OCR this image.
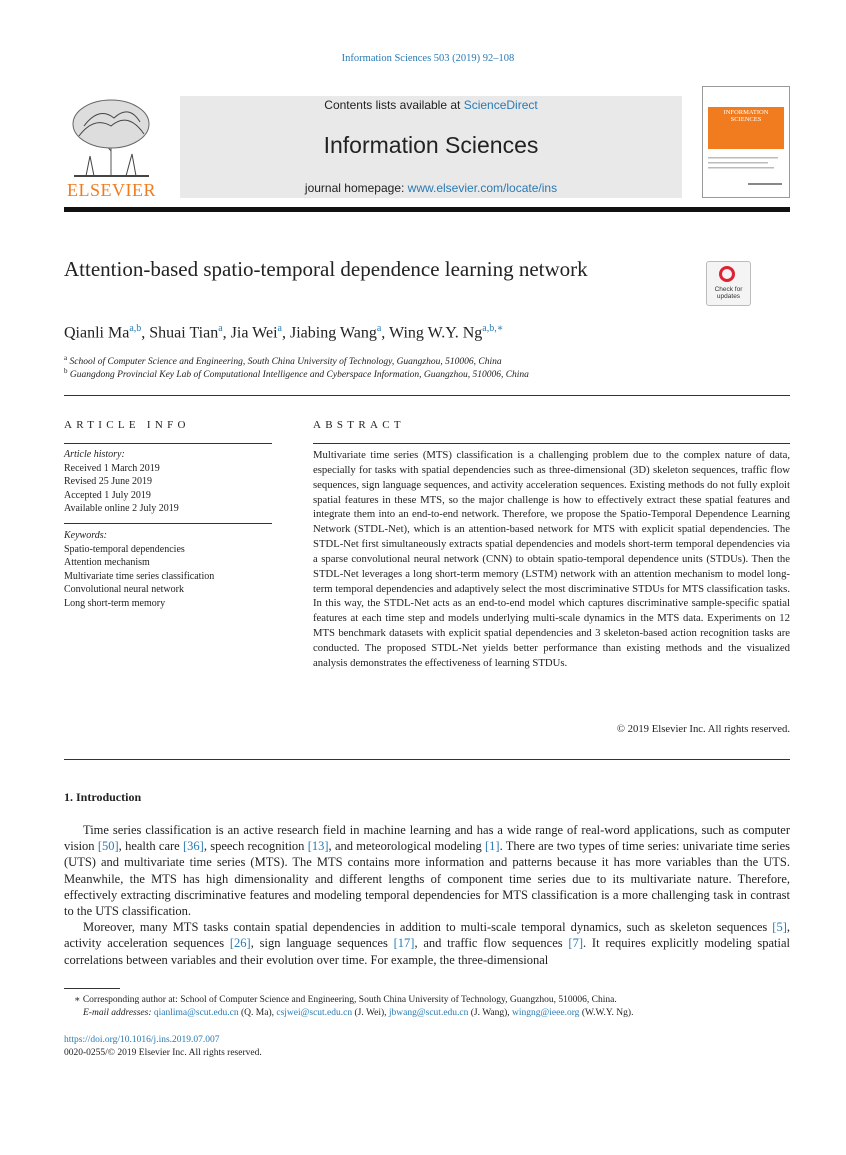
Information Sciences 503 (2019) 92–108
ELSEVIER
Contents lists available at ScienceDirect
Information Sciences
journal homepage: www.elsevier.com/locate/ins
INFORMATION SCIENCES
Attention-based spatio-temporal dependence learning network
Check for
updates
Qianli Ma$^{a,b}$, Shuai Tian$^a$, Jia Wei$^a$, Jiabing Wang$^a$, Wing W.Y. $Ng^{a,b,∗}$
$^a$ School of Computer Science and Engineering, South China University of Technology, Guangzhou, 510006, China
$^b$ Guangdong Provincial Key Lab of Computational Intelligence and Cyberspace Information, Guangzhou, 510006, China
ARTICLE INFO	ABSTRACT
Article history:
Received 1 March 2019
Revised 25 June 2019
Accepted 1 July 2019
Available online 2 July 2019
Keywords:
Spatio-temporal dependencies
Attention mechanism
Multivariate time series classification
Convolutional neural network
Long short-term memory
Multivariate time series (MTS) classification is a challenging problem due to the complex nature of data, especially for tasks with spatial dependencies such as three-dimensional (3D) skeleton sequences, traffic flow sequences, sign language sequences, and activity acceleration sequences. Existing methods do not fully exploit spatial features in these MTS, so the major challenge is how to effectively extract these spatial features and integrate them into an end-to-end network. Therefore, we propose the Spatio-Temporal Dependence Learning Network (STDL-Net), which is an attention-based network for MTS with explicit spatial dependencies. The STDL-Net first simultaneously extracts spatial dependencies and models short-term temporal dependencies via a sparse convolutional neural network (CNN) to obtain spatio-temporal dependence units (STDUs). Then the STDL-Net leverages a long short-term memory (LSTM) network with an attention mechanism to model long-term temporal dependencies and adaptively select the most discriminative STDUs for MTS classification tasks. In this way, the STDL-Net acts as an end-to-end model which captures discriminative sample-specific spatial features at each time step and models underlying multi-scale dynamics in the MTS data. Experiments on 12 MTS benchmark datasets with explicit spatial dependencies and 3 skeleton-based action recognition tasks are conducted. The proposed STDL-Net yields better performance than existing methods and the visualized analysis demonstrates the effectiveness of learning STDUs.
© 2019 Elsevier Inc. All rights reserved.
1. Introduction

Time series classification is an active research field in machine learning and has a wide range of real-word applications, such as computer vision [50], health care [36], speech recognition [13], and meteorological modeling [1]. There are two types of time series: univariate time series (UTS) and multivariate time series (MTS). The MTS contains more information and patterns because it has more variables than the UTS. Meanwhile, the MTS has high dimensionality and different lengths of component time series due to its multivariate nature. Therefore, effectively extracting discriminative features and modeling temporal dependencies for MTS classification is a more challenging task in contrast to the UTS classification.

Moreover, many MTS tasks contain spatial dependencies in addition to multi-scale temporal dynamics, such as skeleton sequences [5], activity acceleration sequences [26], sign language sequences [17], and traffic flow sequences [7]. It requires explicitly modeling spatial correlations between variables and their evolution over time. For example, the three-dimensional

∗ Corresponding author at: School of Computer Science and Engineering, South China University of Technology, Guangzhou, 510006, China.
E-mail addresses: qianlima@scut.edu.cn (Q. Ma), csjwei@scut.edu.cn (J. Wei), jbwang@scut.edu.cn (J. Wang), wingng@ieee.org (W.W.Y. Ng).
https://doi.org/10.1016/j.ins.2019.07.007
0020-0255/© 2019 Elsevier Inc. All rights reserved.
